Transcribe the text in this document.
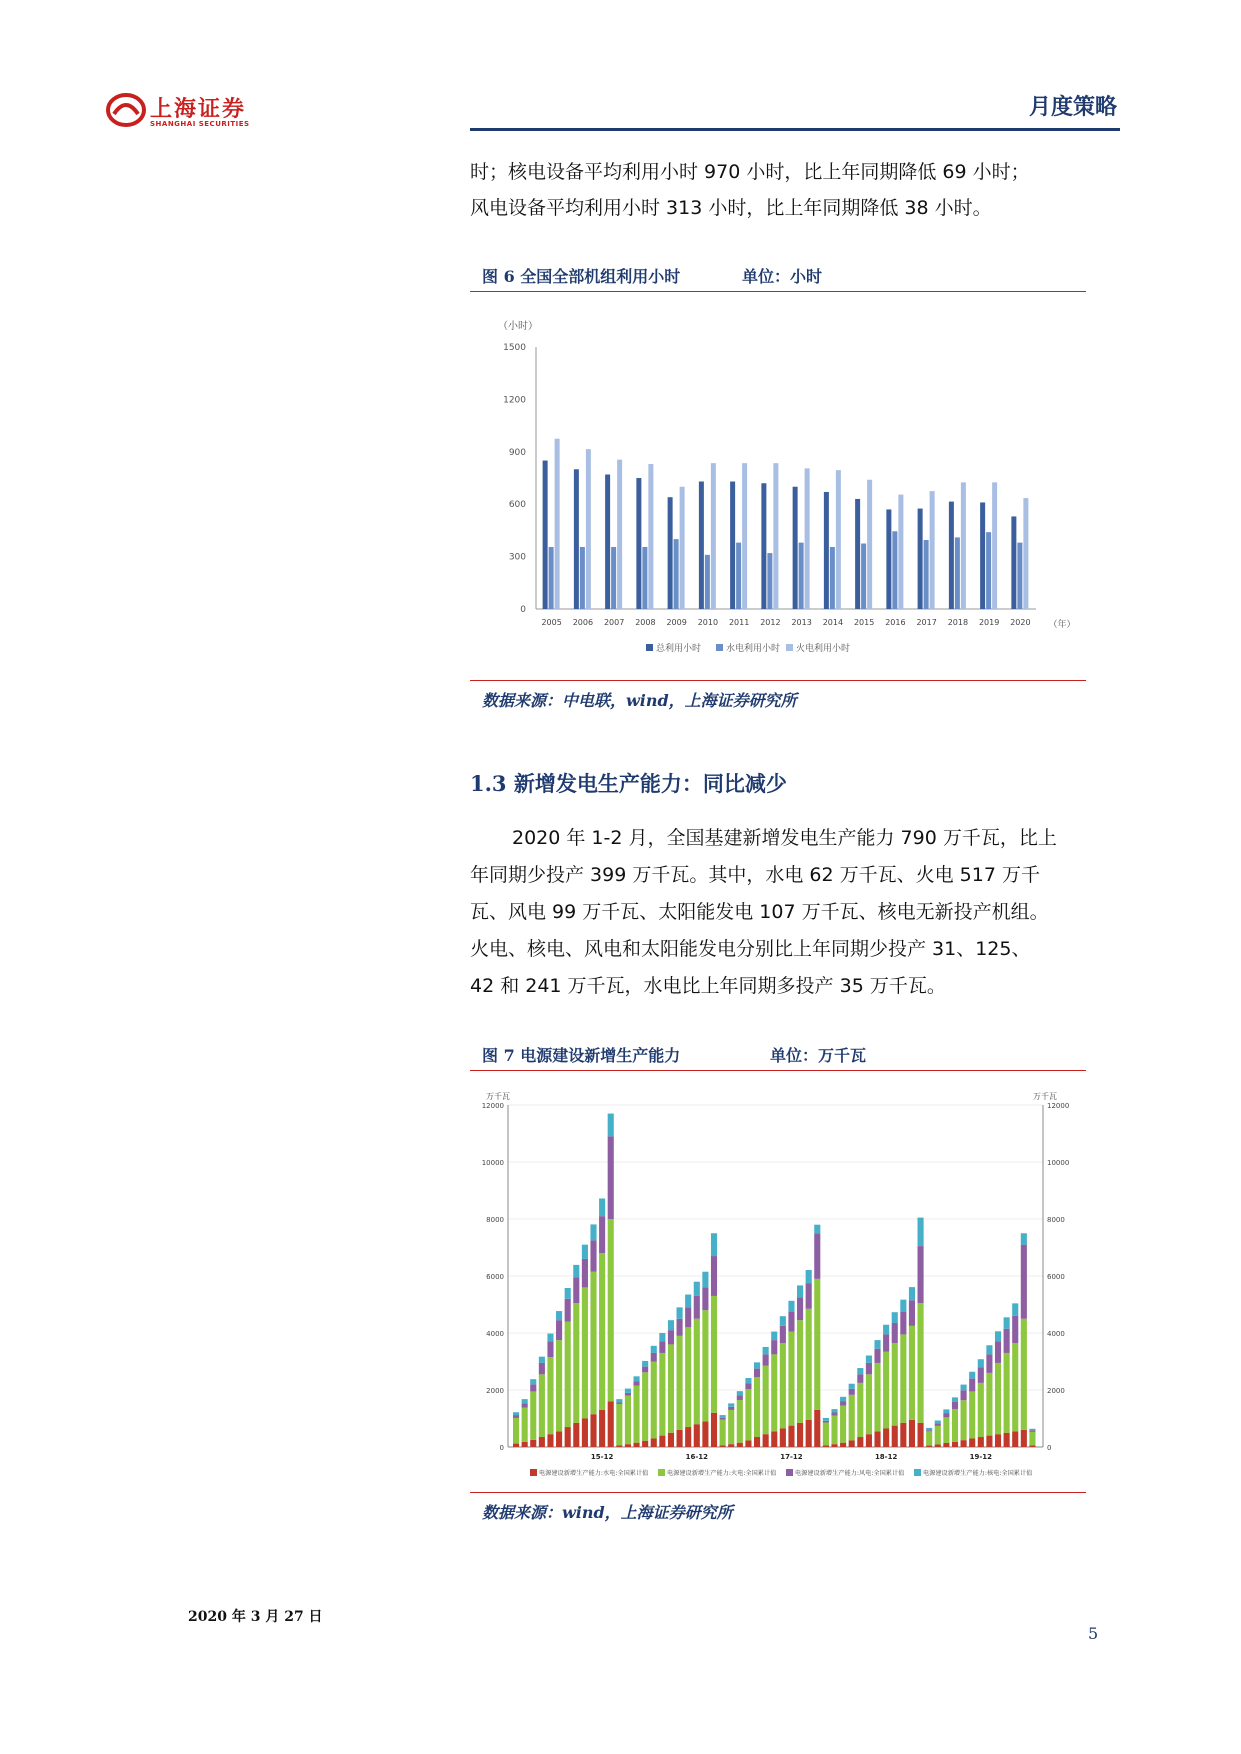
上海证券
SHANGHAI SECURITIES
月度策略
时；核电设备平均利用小时 970 小时，比上年同期降低 69 小时；
风电设备平均利用小时 313 小时，比上年同期降低 38 小时。
图 6 全国全部机组利用小时	单位：小时
（小时）
0
300
600
900
1200
1500
2005 2006 2007 2008 2009 2010 2011 2012 2013 2014 2015 2016 2017 2018 2019 2020 （年）
总利用小时	水电利用小时 火电利用小时
数据来源：中电联，wind，上海证券研究所
1.3 新增发电生产能力：同比减少
2020 年 1-2 月，全国基建新增发电生产能力 790 万千瓦，比上
年同期少投产 399 万千瓦。其中，水电 62 万千瓦、火电 517 万千
瓦、风电 99 万千瓦、太阳能发电 107 万千瓦、核电无新投产机组。
火电、核电、风电和太阳能发电分别比上年同期少投产 31、125、
42 和 241 万千瓦，水电比上年同期多投产 35 万千瓦。
图 7 电源建设新增生产能力	单位：万千瓦
万千瓦	万千瓦
0	0
2000	2000
4000	4000
6000	6000
8000	8000
10000	10000
12000	12000
15-12	16-12	17-12	18-12	19-12
电源建设新增生产能力:水电:全国累计值	电源建设新增生产能力:火电:全国累计值	电源建设新增生产能力:风电:全国累计值	电源建设新增生产能力:核电:全国累计值
数据来源：wind，上海证券研究所
2020 年 3 月 27 日
5
